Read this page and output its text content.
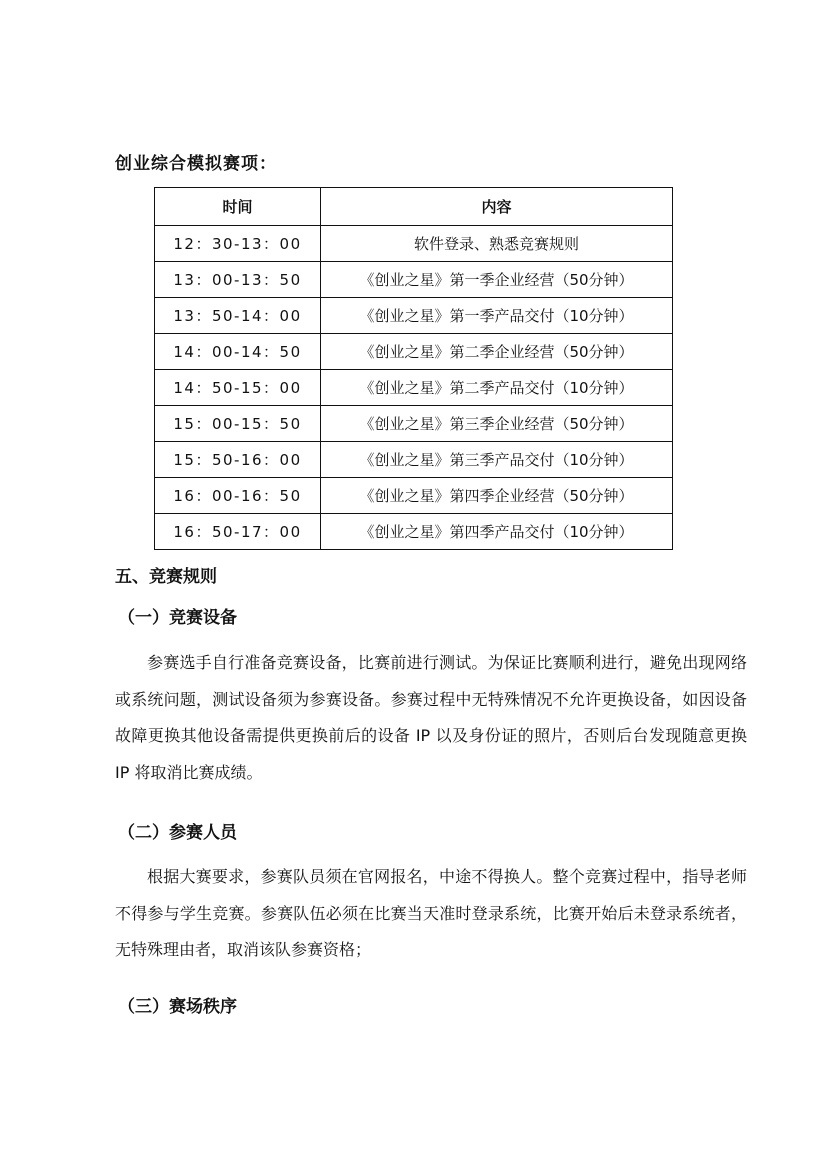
创业综合模拟赛项：
时间	内容
12：30-13：00	软件登录、熟悉竞赛规则
13：00-13：50	《创业之星》第一季企业经营（50分钟）
13：50-14：00	《创业之星》第一季产品交付（10分钟）
14：00-14：50	《创业之星》第二季企业经营（50分钟）
14：50-15：00	《创业之星》第二季产品交付（10分钟）
15：00-15：50	《创业之星》第三季企业经营（50分钟）
15：50-16：00	《创业之星》第三季产品交付（10分钟）
16：00-16：50	《创业之星》第四季企业经营（50分钟）
16：50-17：00	《创业之星》第四季产品交付（10分钟）
五、竞赛规则
（一）竞赛设备
参赛选手自行准备竞赛设备，比赛前进行测试。为保证比赛顺利进行，避免出现网络或系统问题，测试设备须为参赛设备。参赛过程中无特殊情况不允许更换设备，如因设备故障更换其他设备需提供更换前后的设备 IP 以及身份证的照片，否则后台发现随意更换 IP 将取消比赛成绩。
（二）参赛人员
根据大赛要求，参赛队员须在官网报名，中途不得换人。整个竞赛过程中，指导老师不得参与学生竞赛。参赛队伍必须在比赛当天准时登录系统，比赛开始后未登录系统者，无特殊理由者，取消该队参赛资格；
（三）赛场秩序
